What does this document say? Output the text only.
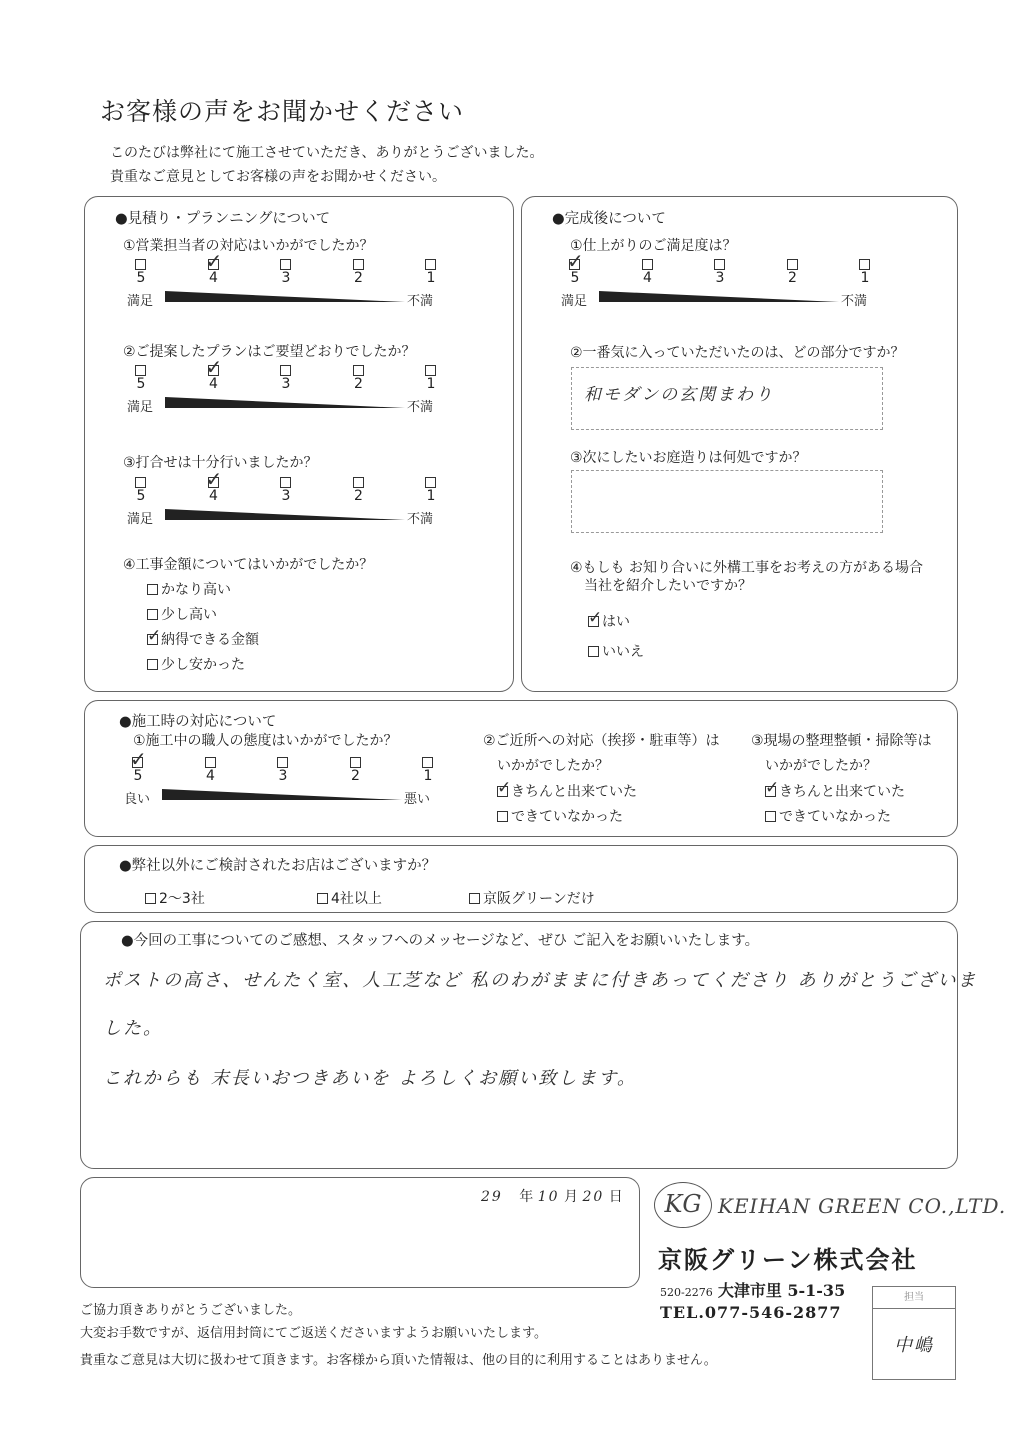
お客様の声をお聞かせください
このたびは弊社にて施工させていただき、ありがとうございました。
貴重なご意見としてお客様の声をお聞かせください。
●見積り・プランニングについて
①営業担当者の対応はいかがでしたか？
5	4
✓
3	2	1
満足	不満
②ご提案したプランはご要望どおりでしたか？
5	4
✓
3	2	1
満足	不満
③打合せは十分行いましたか？
5	4
✓
3	2	1
満足	不満
④工事金額についてはいかがでしたか？
かなり高い
少し高い
✓ 納得できる金額
少し安かった
●完成後について
①仕上がりのご満足度は？
5
✓
4	3	2	1
満足	不満
②一番気に入っていただいたのは、どの部分ですか？
和モダンの玄関まわり
③次にしたいお庭造りは何処ですか？
④もしも お知り合いに外構工事をお考えの方がある場合
当社を紹介したいですか？
✓ はい
いいえ
●施工時の対応について
①施工中の職人の態度はいかがでしたか？
5
✓
4	3	2	1
良い	悪い
②ご近所への対応（挨拶・駐車等）は
いかがでしたか？
③現場の整理整頓・掃除等は
いかがでしたか？
✓ きちんと出来ていた
できていなかった
✓ きちんと出来ていた
できていなかった
●弊社以外にご検討されたお店はございますか？
2～3社	4社以上	京阪グリーンだけ
●今回の工事についてのご感想、スタッフへのメッセージなど、ぜひ ご記入をお願いいたします。
ポストの高さ、せんたく室、人工芝など 私のわがままに付きあってくださり ありがとうございま
した。
これからも 末長いおつきあいを よろしくお願い致します。
29 年 10 月 20 日	KG KEIHAN GREEN CO.,LTD.
京阪グリーン株式会社
520-2276 大津市里 5-1-35
TEL.077-546-2877
担当
中嶋
ご協力頂きありがとうございました。
大変お手数ですが、返信用封筒にてご返送くださいますようお願いいたします。
貴重なご意見は大切に扱わせて頂きます。お客様から頂いた情報は、他の目的に利用することはありません。
